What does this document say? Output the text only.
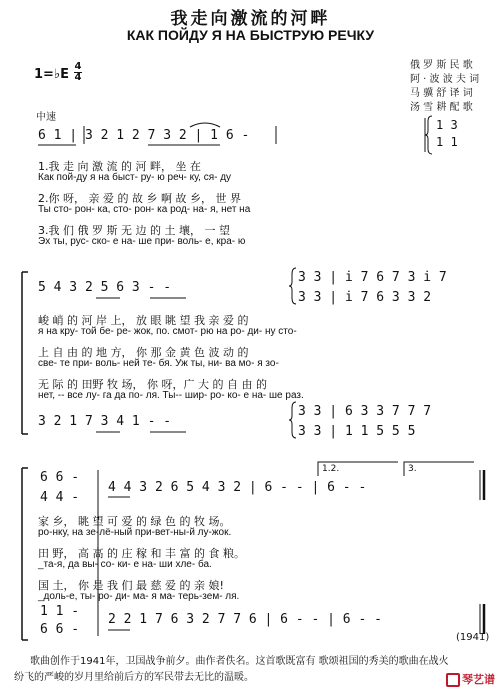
我走向激流的河畔
КАК ПОЙДУ Я НА БЫСТРУЮ РЕЧКУ
俄 罗 斯 民 歌
阿 · 波 波 夫 词
马 骥 舒 译 词
汤 雪 耕 配 歌
1=♭E
4
4
中速
6 1 | 3 2 1 2 7 3 2 | 1 6 -
1 3
1 1
1.我 走 向 激 流 的 河 畔， 坐 在
Как пой-ду я на быст- ру- ю реч- ку, ся- ду
2.你 呀， 亲 爱 的 故 乡 啊 故 乡， 世 界
Ты сто- рон- ка, сто- рон- ка род- на- я, нет на
3.我 们 俄 罗 斯 无 边 的 土 壤， 一 望
Эх ты, рус- ско- е на- ше при- воль- е, кра- ю
5 4 3 2 5 6 3 - -
3 3 | i̇ 7 6 7 3 i̇ 7
3 3 | i̇ 7 6 3 3 2
峻 峭 的 河 岸 上， 放 眼 眺 望 我 亲 爱 的
я на кру- той бе- ре- жок, по. смот- рю на ро- ди- ну сто-
上 自 由 的 地 方， 你 那 金 黄 色 波 动 的
све- те при- воль- ней те- бя. Уж ты, ни- ва мо- я зо-
无 际 的 田野 牧 场， 你 呀，广 大 的 自 由 的
нет, -- все лу- га да по- ля. Ты-- шир- ро- ко- е на- ше раз.
3 2 1 7 3 4 1 - -
3 3 | 6 3 3 7 7 7
3 3 | 1 1 5 5 5
6 6 -
4 4 -
4 4 3 2 6 5 4 3 2 | 6 - - | 6 - -
1.2.	3.
家 乡， 眺 望 可 爱 的 绿 色 的 牧 场。
ро-нку, на зе-лё-ный при-вет-ны-й лу-жок.
田 野， 高 高 的 庄 稼 和 丰 富 的 食 粮。
_та-я, да вы- со- ки- е на- ши хле- ба.
国 土， 你 是 我 们 最 慈 爱 的 亲 娘!
_доль-е, ты- ро- ди- ма- я ма- терь-зем- ля.
1 1 -
6 6 -
2 2 1 7 6 3 2 7 7 6 | 6 - - | 6 - -
(1941)
歌曲创作于1941年，卫国战争前夕。曲作者佚名。这首歌既富有 歌颂祖国的秀美的歌曲在战火
纷飞的严峻的岁月里给前后方的军民带去无比的温暖。	琴艺谱
